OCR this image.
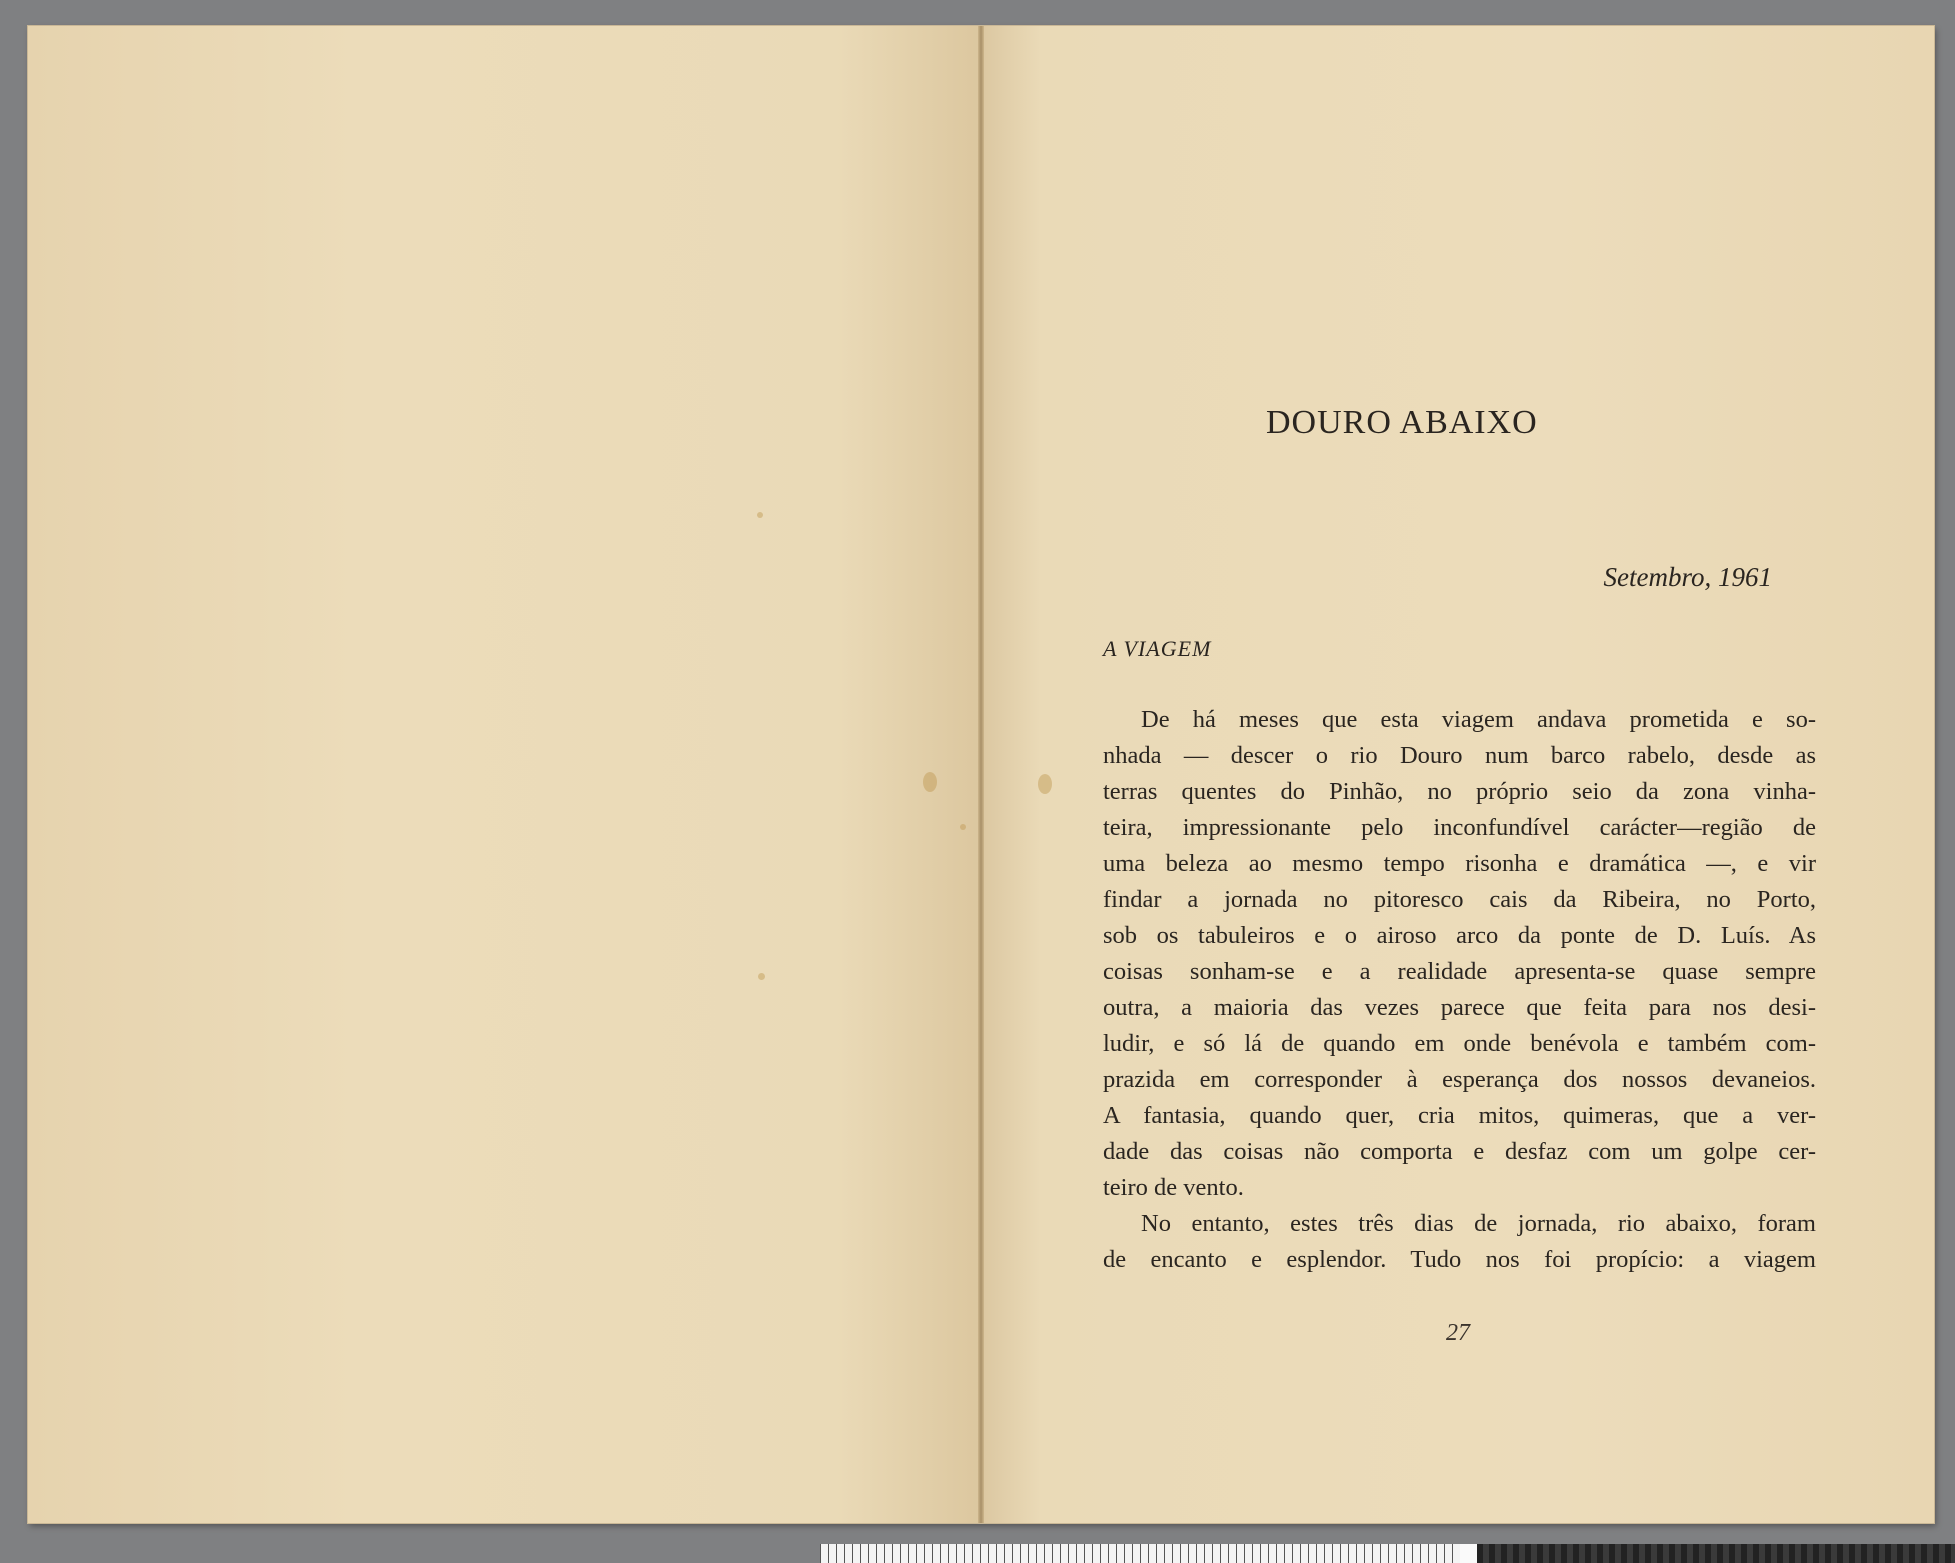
DOURO ABAIXO
Setembro, 1961
A VIAGEM
De há meses que esta viagem andava prometida e so-
nhada — descer o rio Douro num barco rabelo, desde as
terras quentes do Pinhão, no próprio seio da zona vinha-
teira, impressionante pelo inconfundível carácter—região de
uma beleza ao mesmo tempo risonha e dramática —, e vir
findar a jornada no pitoresco cais da Ribeira, no Porto,
sob os tabuleiros e o airoso arco da ponte de D. Luís. As
coisas sonham-se e a realidade apresenta-se quase sempre
outra, a maioria das vezes parece que feita para nos desi-
ludir, e só lá de quando em onde benévola e também com-
prazida em corresponder à esperança dos nossos devaneios.
A fantasia, quando quer, cria mitos, quimeras, que a ver-
dade das coisas não comporta e desfaz com um golpe cer-
teiro de vento.
No entanto, estes três dias de jornada, rio abaixo, foram
de encanto e esplendor. Tudo nos foi propício: a viagem
27
